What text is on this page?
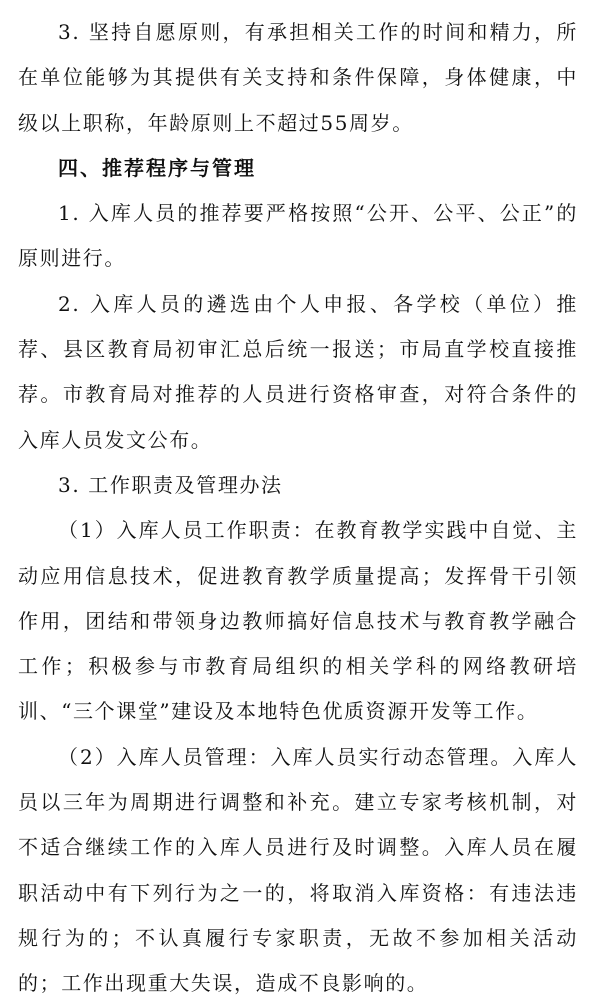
3. 坚持自愿原则，有承担相关工作的时间和精力，所在单位能够为其提供有关支持和条件保障，身体健康，中级以上职称，年龄原则上不超过55周岁。

四、推荐程序与管理

1. 入库人员的推荐要严格按照“公开、公平、公正”的原则进行。

2. 入库人员的遴选由个人申报、各学校（单位）推荐、县区教育局初审汇总后统一报送；市局直学校直接推荐。市教育局对推荐的人员进行资格审查，对符合条件的入库人员发文公布。

3. 工作职责及管理办法

（1）入库人员工作职责：在教育教学实践中自觉、主动应用信息技术，促进教育教学质量提高；发挥骨干引领作用，团结和带领身边教师搞好信息技术与教育教学融合工作；积极参与市教育局组织的相关学科的网络教研培训、“三个课堂”建设及本地特色优质资源开发等工作。

（2）入库人员管理：入库人员实行动态管理。入库人员以三年为周期进行调整和补充。建立专家考核机制，对不适合继续工作的入库人员进行及时调整。入库人员在履职活动中有下列行为之一的，将取消入库资格：有违法违规行为的；不认真履行专家职责，无故不参加相关活动的；工作出现重大失误，造成不良影响的。
